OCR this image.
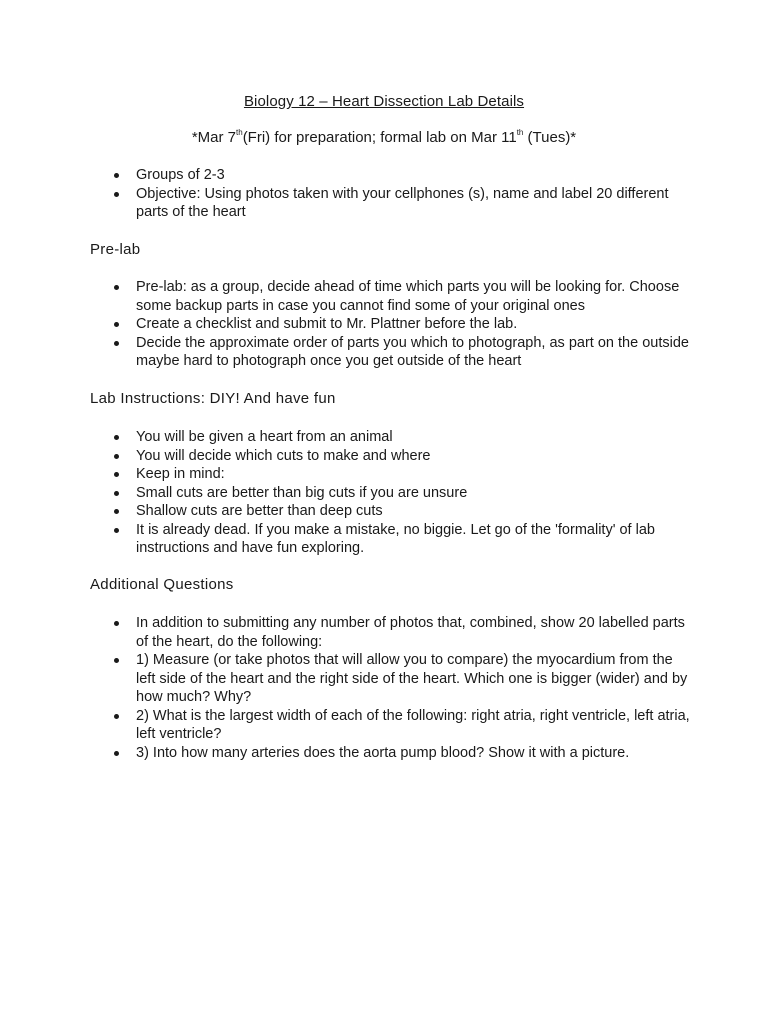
Biology 12 – Heart Dissection Lab Details
*Mar 7th(Fri) for preparation; formal lab on Mar 11th (Tues)*
Groups of 2-3
Objective: Using photos taken with your cellphones (s), name and label 20 different parts of the heart
Pre-lab
Pre-lab: as a group, decide ahead of time which parts you will be looking for. Choose some backup parts in case you cannot find some of your original ones
Create a checklist and submit to Mr. Plattner before the lab.
Decide the approximate order of parts you which to photograph, as part on the outside maybe hard to photograph once you get outside of the heart
Lab Instructions: DIY! And have fun
You will be given a heart from an animal
You will decide which cuts to make and where
Keep in mind:
Small cuts are better than big cuts if you are unsure
Shallow cuts are better than deep cuts
It is already dead. If you make a mistake, no biggie. Let go of the 'formality' of lab instructions and have fun exploring.
Additional Questions
In addition to submitting any number of photos that, combined, show 20 labelled parts of the heart, do the following:
1) Measure (or take photos that will allow you to compare) the myocardium from the left side of the heart and the right side of the heart. Which one is bigger (wider) and by how much? Why?
2) What is the largest width of each of the following: right atria, right ventricle, left atria, left ventricle?
3) Into how many arteries does the aorta pump blood? Show it with a picture.
